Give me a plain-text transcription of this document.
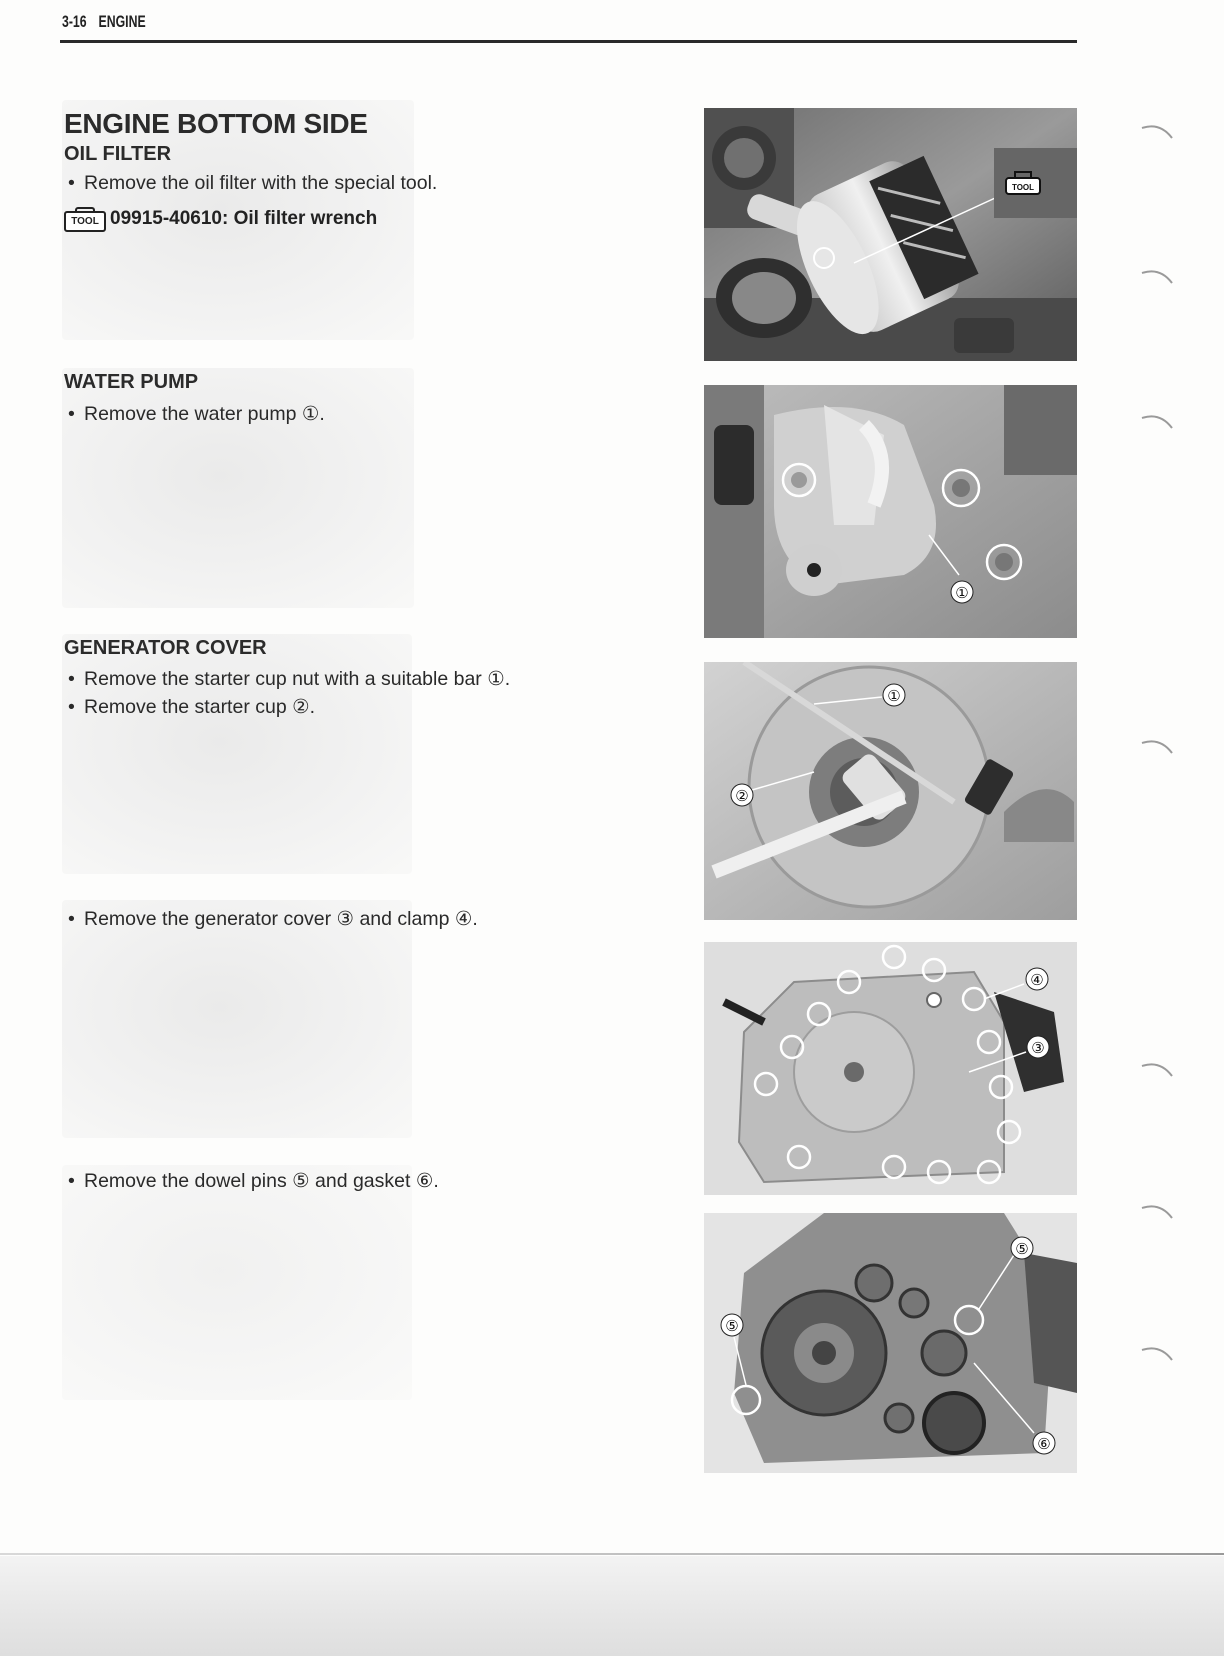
3-16 ENGINE
ENGINE BOTTOM SIDE
OIL FILTER
• Remove the oil filter with the special tool.
TOOL 09915-40610: Oil filter wrench
WATER PUMP
• Remove the water pump ①.
GENERATOR COVER
• Remove the starter cup nut with a suitable bar ①.
• Remove the starter cup ②.
• Remove the generator cover ③ and clamp ④.
• Remove the dowel pins ⑤ and gasket ⑥.
TOOL
①
①
②
④
③
⑤
⑤
⑥
